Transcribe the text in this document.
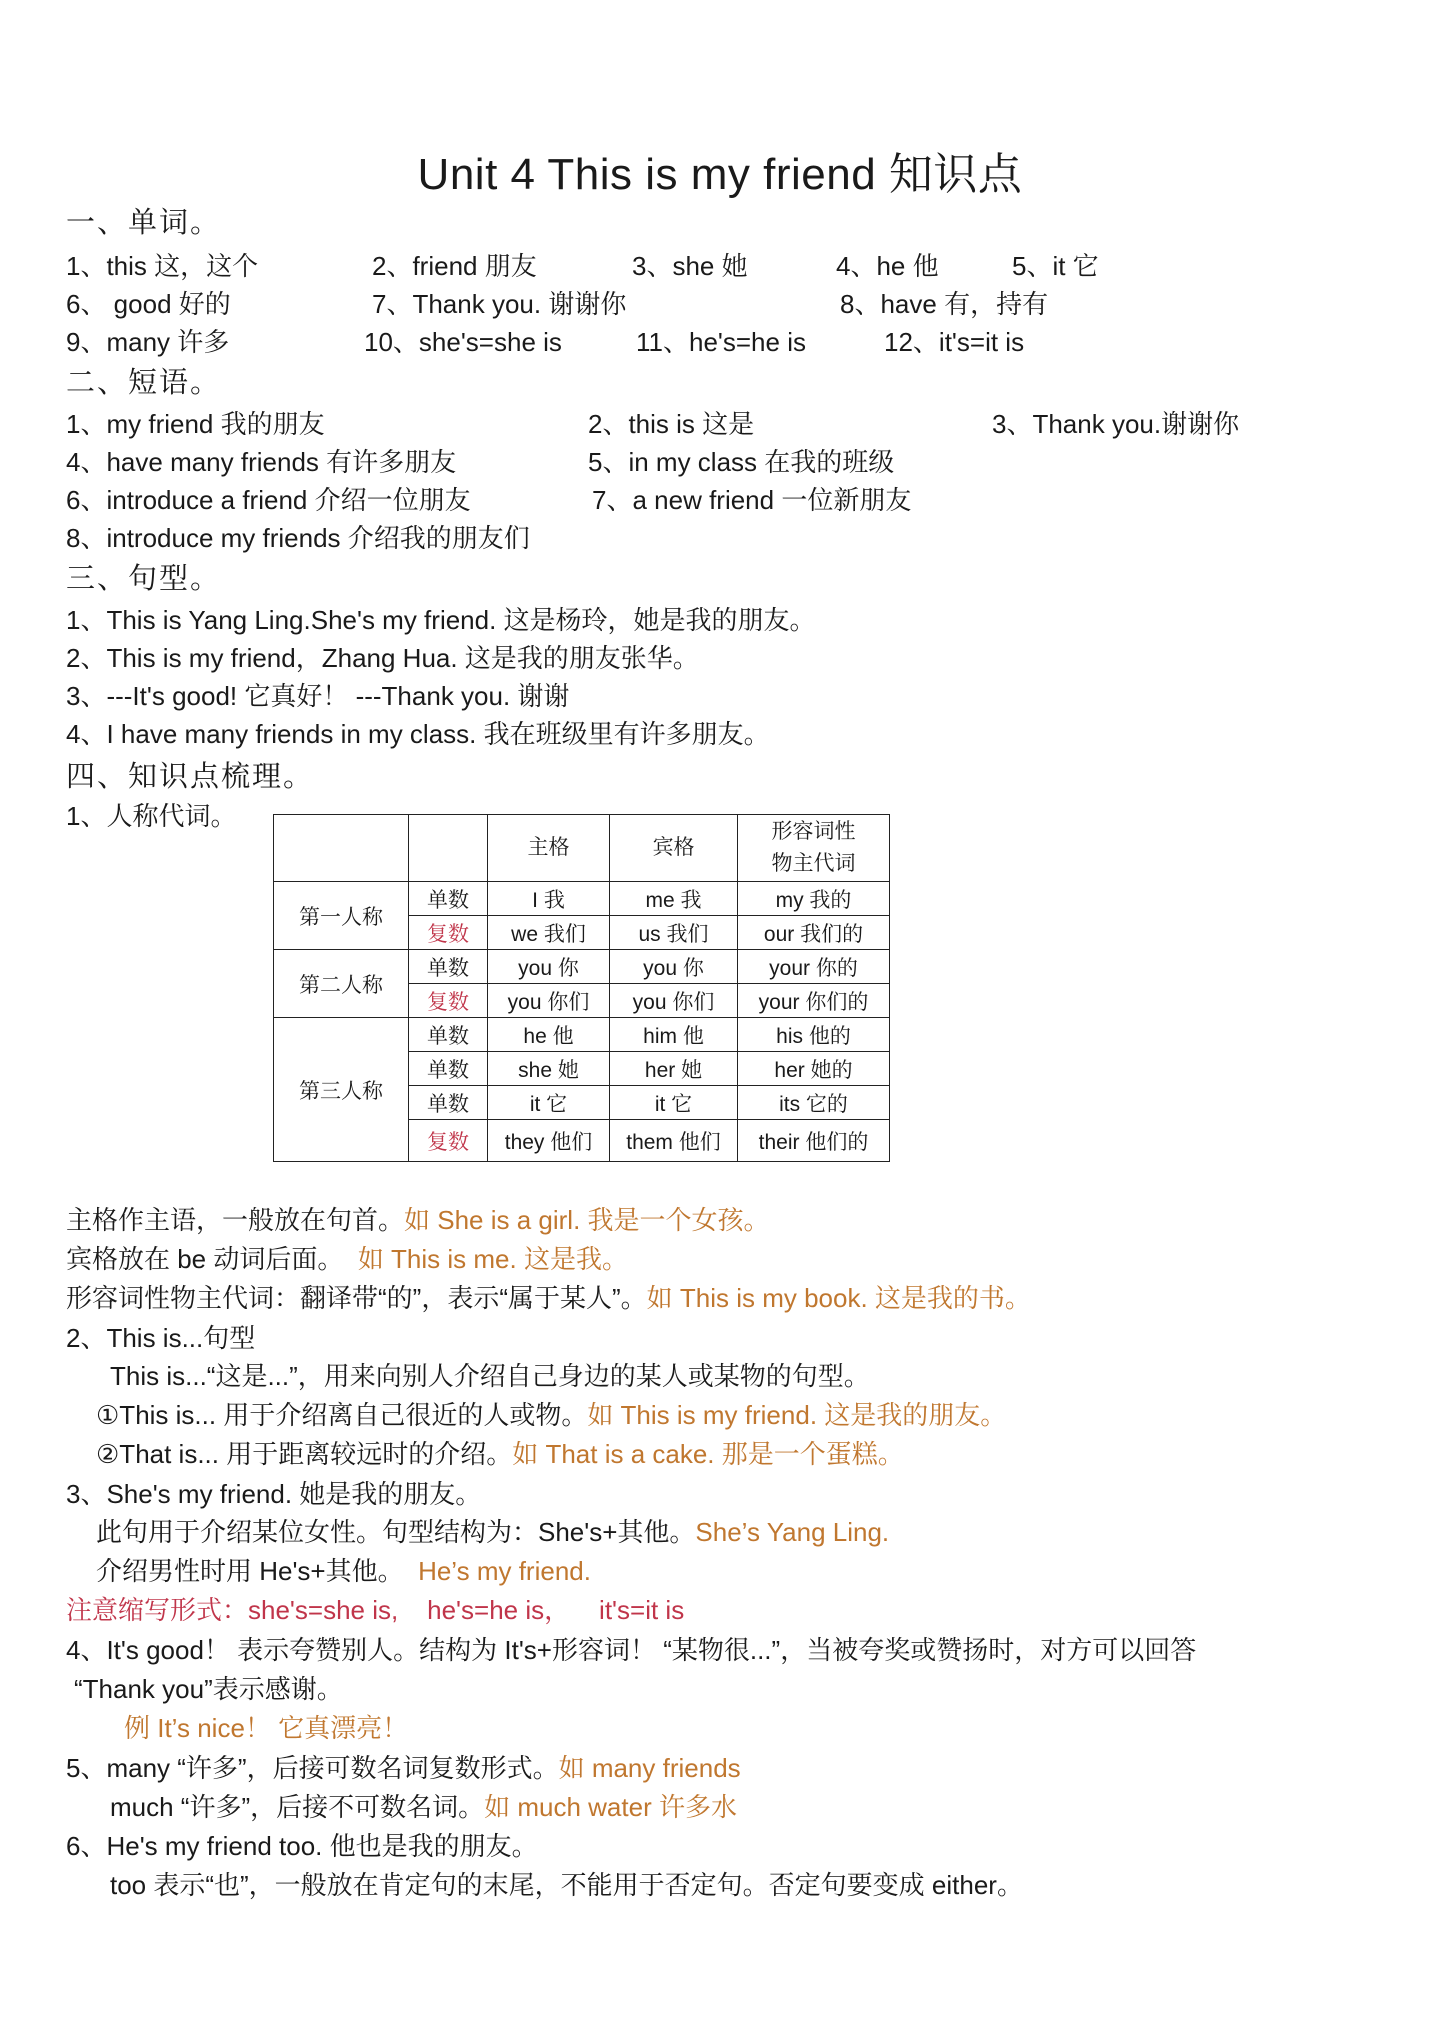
Unit 4 This is my friend 知识点
一、单词。
1、this 这，这个	2、friend 朋友	3、she 她	4、he 他	5、it 它
6、 good 好的	7、Thank you. 谢谢你	8、have 有，持有
9、many 许多	10、she's=she is	11、he's=he is	12、it's=it is
二、短语。
1、my friend 我的朋友	2、this is 这是	3、Thank you.谢谢你
4、have many friends 有许多朋友	5、in my class 在我的班级
6、introduce a friend 介绍一位朋友	7、a new friend 一位新朋友
8、introduce my friends 介绍我的朋友们
三、句型。
1、This is Yang Ling.She's my friend. 这是杨玲，她是我的朋友。
2、This is my friend，Zhang Hua. 这是我的朋友张华。
3、---It's good! 它真好！ ---Thank you. 谢谢
4、I have many friends in my class. 我在班级里有许多朋友。
四、知识点梳理。
1、人称代词。
		主格	宾格	形容词性
物主代词
第一人称	单数	I 我	me 我	my 我的
	复数	we 我们	us 我们	our 我们的
第二人称	单数	you 你	you 你	your 你的
	复数	you 你们	you 你们	your 你们的
第三人称	单数	he 他	him 他	his 他的
	单数	she 她	her 她	her 她的
	单数	it 它	it 它	its 它的
	复数	they 他们	them 他们	their 他们的
主格作主语，一般放在句首。如 She is a girl. 我是一个女孩。
宾格放在 be 动词后面。 如 This is me. 这是我。
形容词性物主代词：翻译带“的”，表示“属于某人”。如 This is my book. 这是我的书。
2、This is...句型
This is...“这是...”，用来向别人介绍自己身边的某人或某物的句型。
①This is... 用于介绍离自己很近的人或物。如 This is my friend. 这是我的朋友。
②That is... 用于距离较远时的介绍。如 That is a cake. 那是一个蛋糕。
3、She's my friend. 她是我的朋友。
此句用于介绍某位女性。句型结构为：She's+其他。She’s Yang Ling.
介绍男性时用 He's+其他。 He’s my friend.
注意缩写形式：she's=she is, he's=he is， it's=it is
4、It's good！ 表示夸赞别人。结构为 It's+形容词！ “某物很...”，当被夸奖或赞扬时，对方可以回答
“Thank you”表示感谢。
例 It’s nice！ 它真漂亮！
5、many “许多”，后接可数名词复数形式。如 many friends
much “许多”，后接不可数名词。如 much water 许多水
6、He's my friend too. 他也是我的朋友。
too 表示“也”，一般放在肯定句的末尾，不能用于否定句。否定句要变成 either。
